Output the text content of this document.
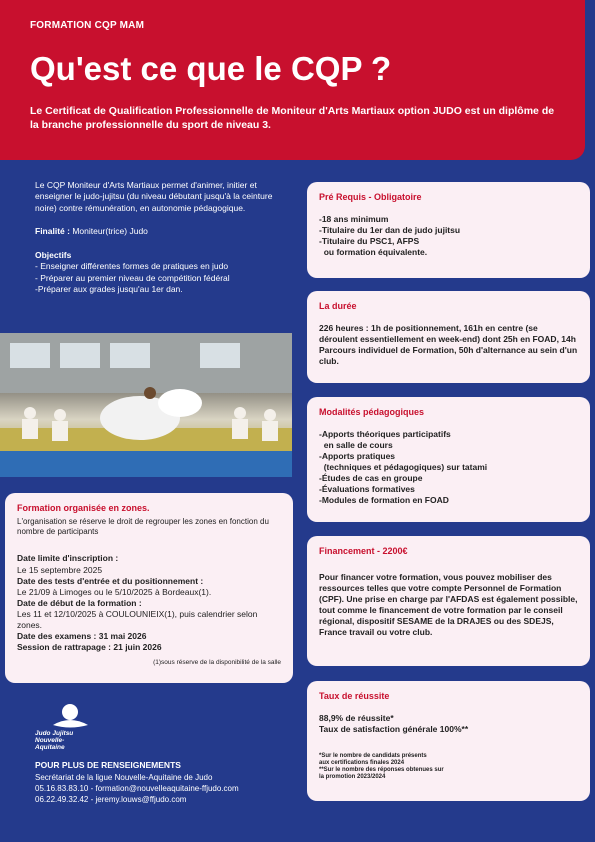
FORMATION CQP MAM
Qu'est ce que le CQP ?
Le Certificat de Qualification Professionnelle de Moniteur d'Arts Martiaux option JUDO est un diplôme de la branche professionnelle du sport de niveau 3.

Le CQP Moniteur d'Arts Martiaux permet d'animer, initier et enseigner le judo-jujitsu (du niveau débutant jusqu'à la ceinture noire) contre rémunération, en autonomie pédagogique.

Finalité : Moniteur(trice) Judo

Objectifs
- Enseigner différentes formes de pratiques en judo
- Préparer au premier niveau de compétition fédéral
-Préparer aux grades jusqu'au 1er dan.
Formation organisée en zones.
L'organisation se réserve le droit de regrouper les zones en fonction du nombre de participants
Date limite d'inscription :
Le 15 septembre 2025
Date des tests d'entrée et du positionnement :
Le 21/09 à Limoges ou le 5/10/2025 à Bordeaux(1).
Date de début de la formation :
Les 11 et 12/10/2025 à COULOUNIEIX(1), puis calendrier selon zones.
Date des examens : 31 mai 2026
Session de rattrapage : 21 juin 2026
(1)sous réserve de la disponibilité de la salle
Pré Requis - Obligatoire
-18 ans minimum
-Titulaire du 1er dan de judo jujitsu
-Titulaire du PSC1, AFPS
ou formation équivalente.
La durée
226 heures : 1h de positionnement, 161h en centre (se déroulent essentiellement en week-end) dont 25h en FOAD, 14h Parcours individuel de Formation, 50h d'alternance au sein d'un club.
Modalités pédagogiques
-Apports théoriques participatifs
en salle de cours
-Apports pratiques
(techniques et pédagogiques) sur tatami
-Études de cas en groupe
-Évaluations formatives
-Modules de formation en FOAD
Financement - 2200€
Pour financer votre formation, vous pouvez mobiliser des ressources telles que votre compte Personnel de Formation (CPF). Une prise en charge par l'AFDAS est également possible, tout comme le financement de votre formation par le conseil régional, dispositif SESAME de la DRAJES ou des SDEJS, France travail ou votre club.
Taux de réussite
88,9% de réussite*
Taux de satisfaction générale 100%**
*Sur le nombre de candidats présents
aux certifications finales 2024
**Sur le nombre des réponses obtenues sur
la promotion 2023/2024
Judo Jujitsu
Nouvelle-
Aquitaine
POUR PLUS DE RENSEIGNEMENTS
Secrétariat de la ligue Nouvelle-Aquitaine de Judo
05.16.83.83.10 - formation@nouvelleaquitaine-ffjudo.com
06.22.49.32.42 - jeremy.louws@ffjudo.com
